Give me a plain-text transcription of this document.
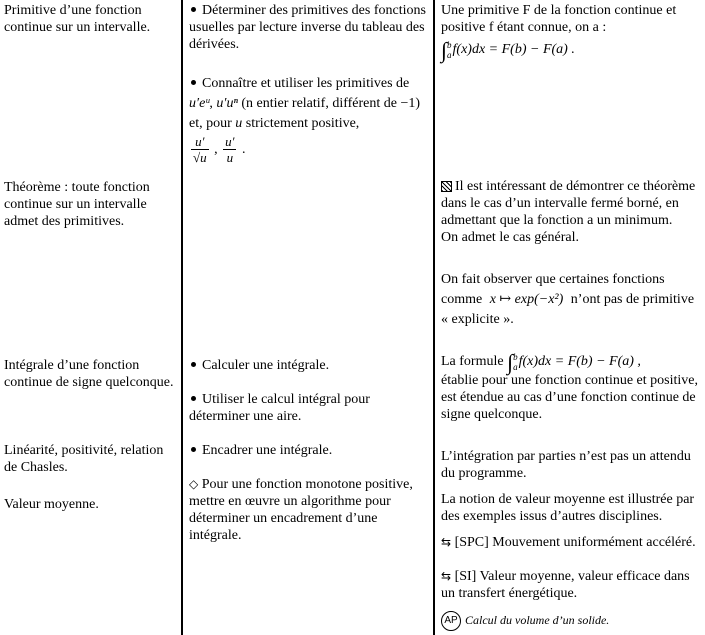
Primitive d’une fonction continue sur un intervalle.
Théorème : toute fonction continue sur un intervalle admet des primitives.
Intégrale d’une fonction continue de signe quelconque.
Linéarité, positivité, relation de Chasles.
Valeur moyenne.
Déterminer des primitives des fonctions usuelles par lecture inverse du tableau des dérivées.
Connaître et utiliser les primitives de u′eᵘ, u′uⁿ (n entier relatif, différent de −1) et, pour u strictement positive,

$\frac{u'}{√u}$ , $\frac{u'}{u}$ .
Calculer une intégrale.
Utiliser le calcul intégral pour déterminer une aire.
Encadrer une intégrale.
◇ Pour une fonction monotone positive, mettre en œuvre un algorithme pour déterminer un encadrement d’une intégrale.
Une primitive F de la fonction continue et positive f étant connue, on a :
∫ b
a f(x)dx = F(b) − F(a) .
Il est intéressant de démontrer ce théorème dans le cas d’un intervalle fermé borné, en admettant que la fonction a un minimum.
On admet le cas général.
On fait observer que certaines fonctions comme x ↦ exp(−x²) n’ont pas de primitive « explicite ».
La formule ∫ b
a f(x)dx = F(b) − F(a) ,
établie pour une fonction continue et positive, est étendue au cas d’une fonction continue de signe quelconque.
L’intégration par parties n’est pas un attendu du programme.
La notion de valeur moyenne est illustrée par des exemples issus d’autres disciplines.
⇆ [SPC] Mouvement uniformément accéléré.
⇆ [SI] Valeur moyenne, valeur efficace dans un transfert énergétique.
AP Calcul du volume d’un solide.
